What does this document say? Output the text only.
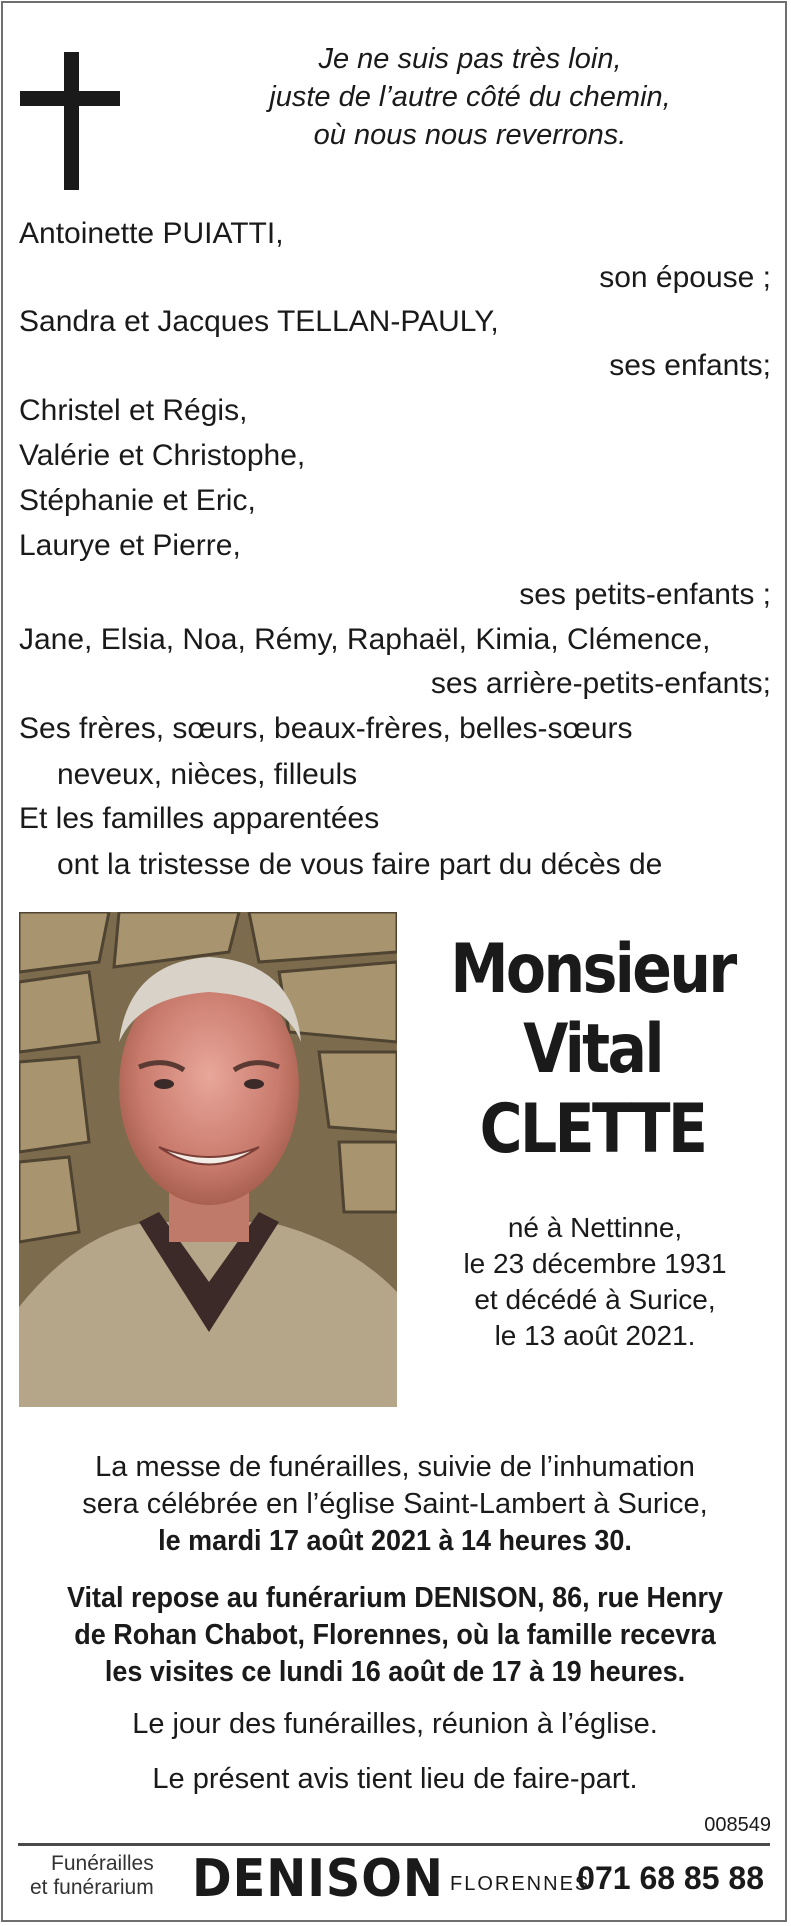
Je ne suis pas très loin,
juste de l’autre côté du chemin,
où nous nous reverrons.
Antoinette PUIATTI,
son épouse ;
Sandra et Jacques TELLAN-PAULY,
ses enfants;
Christel et Régis,
Valérie et Christophe,
Stéphanie et Eric,
Laurye et Pierre,
ses petits-enfants ;
Jane, Elsia, Noa, Rémy, Raphaël, Kimia, Clémence,
ses arrière-petits-enfants;
Ses frères, sœurs, beaux-frères, belles-sœurs
neveux, nièces, filleuls
Et les familles apparentées
ont la tristesse de vous faire part du décès de
Monsieur
Vital
CLETTE
né à Nettinne,
le 23 décembre 1931
et décédé à Surice,
le 13 août 2021.
La messe de funérailles, suivie de l’inhumation
sera célébrée en l’église Saint-Lambert à Surice,
le mardi 17 août 2021 à 14 heures 30.
Vital repose au funérarium DENISON, 86, rue Henry
de Rohan Chabot, Florennes, où la famille recevra
les visites ce lundi 16 août de 17 à 19 heures.
Le jour des funérailles, réunion à l’église.
Le présent avis tient lieu de faire-part.
008549
Funérailles
et funérarium DENISON FLORENNES
071 68 85 88
